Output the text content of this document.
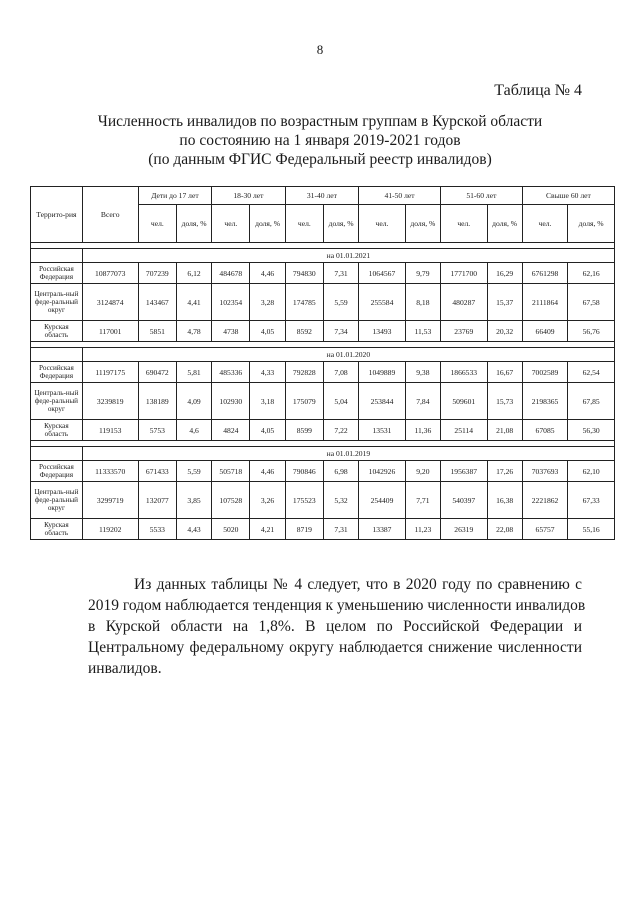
8
Таблица № 4
Численность инвалидов по возрастным группам в Курской области
по состоянию на 1 января 2019-2021 годов
(по данным ФГИС Федеральный реестр инвалидов)
Террито-рия	Всего	Дети до 17 лет		18-30 лет		31-40 лет		41-50 лет		51-60 лет		Свыше 60 лет	
		чел.	доля, %	чел.	доля, %	чел.	доля, %	чел.	доля, %	чел.	доля, %	чел.	доля, %

	на 01.01.2021												
Российская Федерация	10877073	707239	6,12	484678	4,46	794830	7,31	1064567	9,79	1771700	16,29	6761298	62,16
Централь-ный феде-ральный округ	3124874	143467	4,41	102354	3,28	174785	5,59	255584	8,18	480287	15,37	2111864	67,58
Курская область	117001	5851	4,78	4738	4,05	8592	7,34	13493	11,53	23769	20,32	66409	56,76

	на 01.01.2020												
Российская Федерация	11197175	690472	5,81	485336	4,33	792828	7,08	1049889	9,38	1866533	16,67	7002589	62,54
Централь-ный феде-ральный округ	3239819	138189	4,09	102930	3,18	175079	5,04	253844	7,84	509601	15,73	2198365	67,85
Курская область	119153	5753	4,6	4824	4,05	8599	7,22	13531	11,36	25114	21,08	67085	56,30

	на 01.01.2019												
Российская Федерация	11333570	671433	5,59	505718	4,46	790846	6,98	1042926	9,20	1956387	17,26	7037693	62,10
Централь-ный феде-ральный округ	3299719	132077	3,85	107528	3,26	175523	5,32	254409	7,71	540397	16,38	2221862	67,33
Курская область	119202	5533	4,43	5020	4,21	8719	7,31	13387	11,23	26319	22,08	65757	55,16
Из данных таблицы № 4 следует, что в 2020 году по сравнению с
2019 годом наблюдается тенденция к уменьшению численности инвалидов
в Курской области на 1,8%. В целом по Российской Федерации и
Центральному федеральному округу наблюдается снижение численности
инвалидов.
